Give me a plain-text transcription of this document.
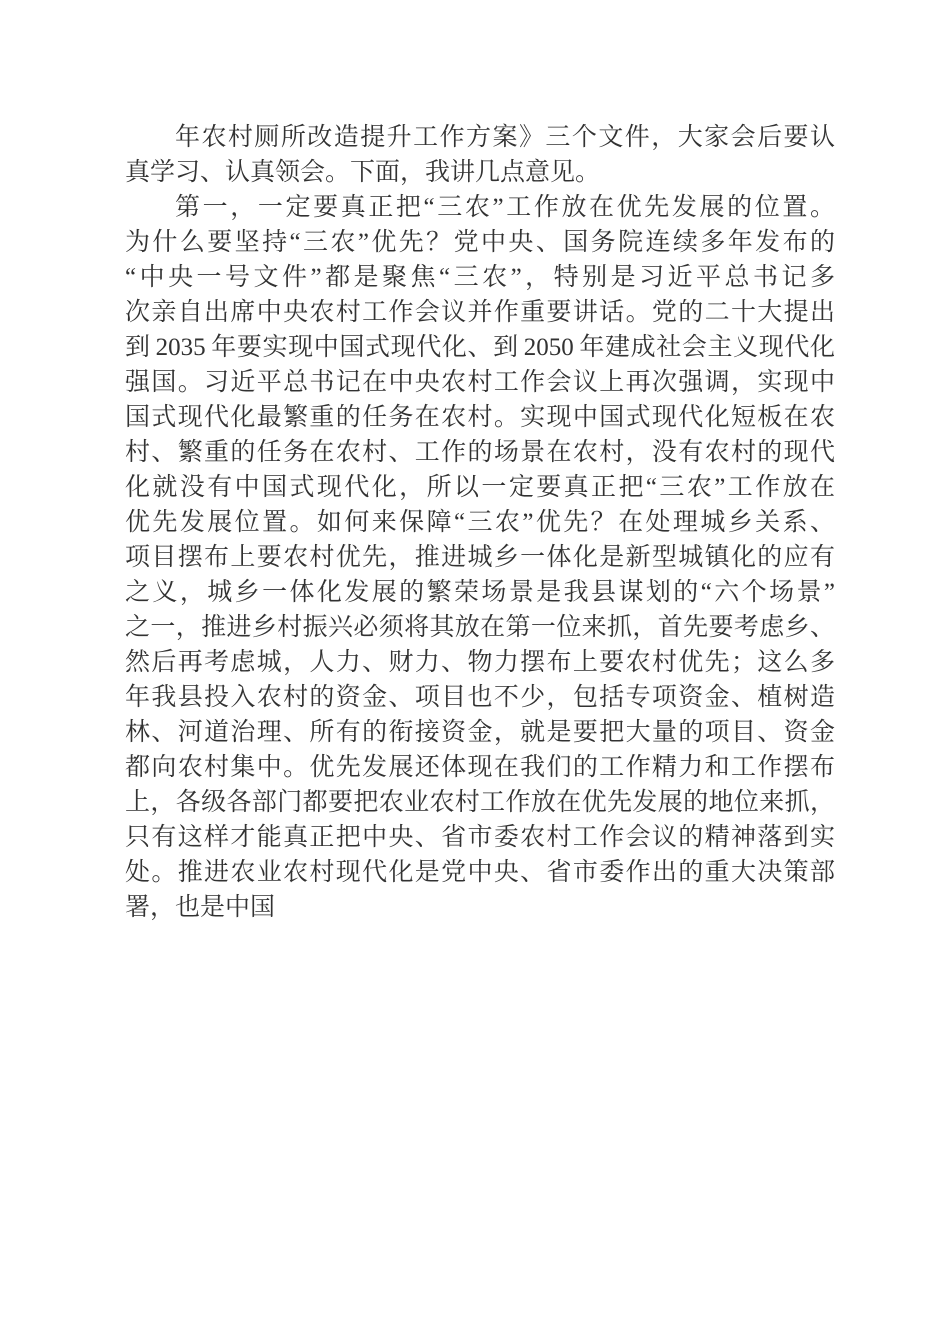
年农村厕所改造提升工作方案》三个文件，大家会后要认
真学习、认真领会。下面，我讲几点意见。
第一，一定要真正把“三农”工作放在优先发展的位置。
为什么要坚持“三农”优先？党中央、国务院连续多年发布的
“中央一号文件”都是聚焦“三农”，特别是习近平总书记多
次亲自出席中央农村工作会议并作重要讲话。党的二十大提出
到 2035 年要实现中国式现代化、到 2050 年建成社会主义现代化
强国。习近平总书记在中央农村工作会议上再次强调，实现中
国式现代化最繁重的任务在农村。实现中国式现代化短板在农
村、繁重的任务在农村、工作的场景在农村，没有农村的现代
化就没有中国式现代化，所以一定要真正把“三农”工作放在
优先发展位置。如何来保障“三农”优先？在处理城乡关系、
项目摆布上要农村优先，推进城乡一体化是新型城镇化的应有
之义，城乡一体化发展的繁荣场景是我县谋划的“六个场景”
之一，推进乡村振兴必须将其放在第一位来抓，首先要考虑乡、
然后再考虑城，人力、财力、物力摆布上要农村优先；这么多
年我县投入农村的资金、项目也不少，包括专项资金、植树造
林、河道治理、所有的衔接资金，就是要把大量的项目、资金
都向农村集中。优先发展还体现在我们的工作精力和工作摆布
上，各级各部门都要把农业农村工作放在优先发展的地位来抓，
只有这样才能真正把中央、省市委农村工作会议的精神落到实
处。推进农业农村现代化是党中央、省市委作出的重大决策部
署，也是中国
